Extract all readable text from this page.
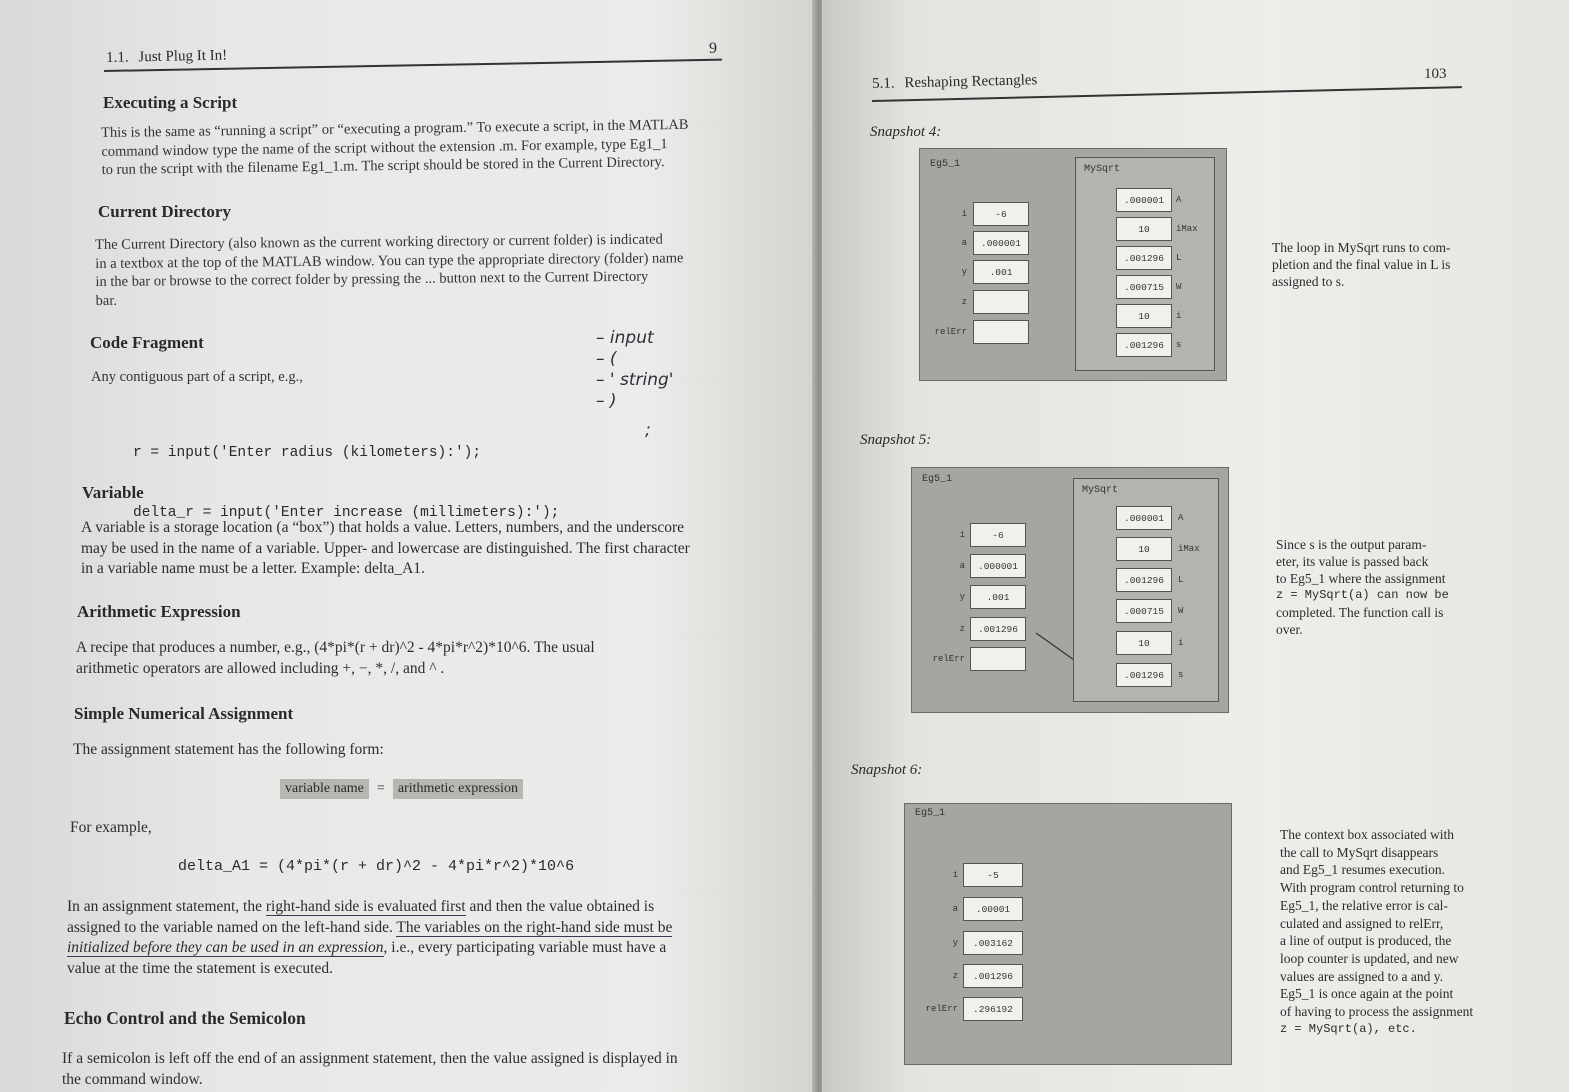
1.1. Just Plug It In!	9
Executing a Script
This is the same as “running a script” or “executing a program.” To execute a script, in the MATLAB
command window type the name of the script without the extension .m. For example, type Eg1_1
to run the script with the filename Eg1_1.m. The script should be stored in the Current Directory.
Current Directory
The Current Directory (also known as the current working directory or current folder) is indicated
in a textbox at the top of the MATLAB window. You can type the appropriate directory (folder) name
in the bar or browse to the correct folder by pressing the ... button next to the Current Directory
bar.
Code Fragment
Any contiguous part of a script, e.g.,

r = input('Enter radius (kilometers):');

delta_r = input('Enter increase (millimeters):');

– input
– (
– ' string'
– )
;
Variable
A variable is a storage location (a “box”) that holds a value. Letters, numbers, and the underscore
may be used in the name of a variable. Upper- and lowercase are distinguished. The first character
in a variable name must be a letter. Example: delta_A1.
Arithmetic Expression
A recipe that produces a number, e.g., (4*pi*(r + dr)^2 - 4*pi*r^2)*10^6. The usual
arithmetic operators are allowed including +, −, *, /, and ^ .
Simple Numerical Assignment
The assignment statement has the following form:
variable name = arithmetic expression
For example,
delta_A1 = (4*pi*(r + dr)^2 - 4*pi*r^2)*10^6
In an assignment statement, the right-hand side is evaluated first and then the value obtained is
assigned to the variable named on the left-hand side. The variables on the right-hand side must be
initialized before they can be used in an expression, i.e., every participating variable must have a
value at the time the statement is executed.
Echo Control and the Semicolon
If a semicolon is left off the end of an assignment statement, then the value assigned is displayed in
the command window.
5.1. Reshaping Rectangles	103
Snapshot 4:
Eg5_1
i	-6
a	.000001
y	.001
z
relErr
MySqrt
.000001	A
10	iMax
.001296	L
.000715	W
10	i
.001296	s
The loop in MySqrt runs to com-
pletion and the final value in L is
assigned to s.
Snapshot 5:
Eg5_1
i	-6
a	.000001
y	.001
z	.001296
relErr
MySqrt
.000001	A
10	iMax
.001296	L
.000715	W
10	i
.001296	s
Since s is the output param-
eter, its value is passed back
to Eg5_1 where the assignment
z = MySqrt(a) can now be
completed. The function call is
over.
Snapshot 6:
Eg5_1
i	-5
a	.00001
y	.003162
z	.001296
relErr	.296192
The context box associated with
the call to MySqrt disappears
and Eg5_1 resumes execution.
With program control returning to
Eg5_1, the relative error is cal-
culated and assigned to relErr,
a line of output is produced, the
loop counter is updated, and new
values are assigned to a and y.
Eg5_1 is once again at the point
of having to process the assignment
z = MySqrt(a), etc.
